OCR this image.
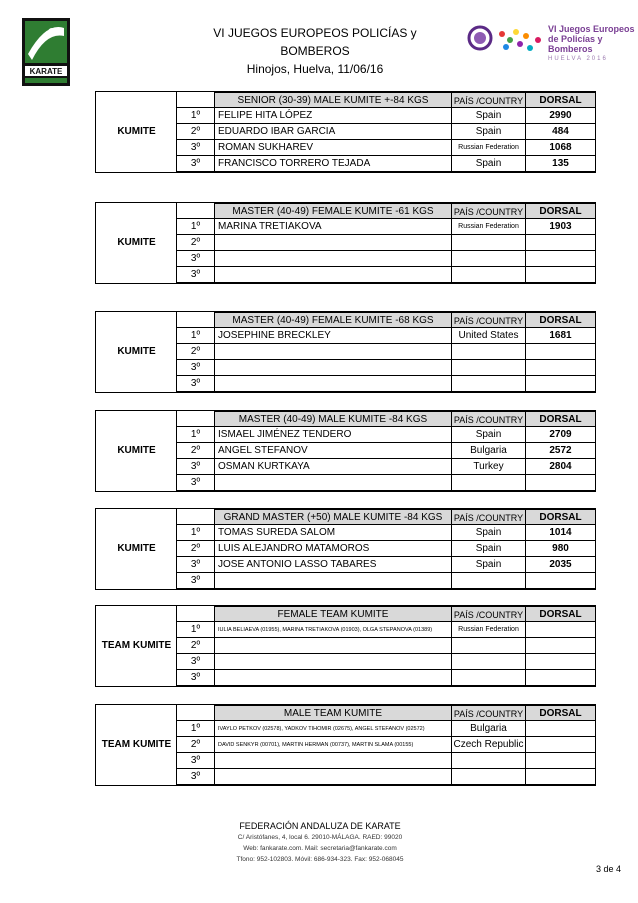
KARATE
VI JUEGOS EUROPEOS POLICÍAS y BOMBEROS
Hinojos, Huelva, 11/06/16
VI Juegos Europeos
de Policías y Bomberos
HUELVA 2016
SENIOR (30-39) MALE KUMITE +-84 KGS	PAÍS /COUNTRY	DORSAL
1º	FELIPE HITA LÓPEZ	Spain	2990
2º	EDUARDO IBAR GARCIA	Spain	484
3º	ROMAN SUKHAREV	Russian Federation	1068
3º	FRANCISCO TORRERO TEJADA	Spain	135
KUMITE
MASTER (40-49) FEMALE KUMITE -61 KGS	PAÍS /COUNTRY	DORSAL
1º	MARINA TRETIAKOVA	Russian Federation	1903
2º
3º
3º
KUMITE
MASTER (40-49) FEMALE KUMITE -68 KGS	PAÍS /COUNTRY	DORSAL
1º	JOSEPHINE BRECKLEY	United States	1681
2º
3º
3º
KUMITE
MASTER (40-49) MALE KUMITE -84 KGS	PAÍS /COUNTRY	DORSAL
1º	ISMAEL JIMÉNEZ TENDERO	Spain	2709
2º	ANGEL STEFANOV	Bulgaria	2572
3º	OSMAN KURTKAYA	Turkey	2804
3º
KUMITE
GRAND MASTER (+50) MALE KUMITE -84 KGS	PAÍS /COUNTRY	DORSAL
1º	TOMAS SUREDA SALOM	Spain	1014
2º	LUIS ALEJANDRO MATAMOROS	Spain	980
3º	JOSE ANTONIO LASSO TABARES	Spain	2035
3º
KUMITE
FEMALE TEAM KUMITE	PAÍS /COUNTRY	DORSAL
1º	IULIA BELIAEVA (01955), MARINA TRETIAKOVA (01903), OLGA STEPANOVA (01389)	Russian Federation
2º
3º
3º
TEAM KUMITE
MALE TEAM KUMITE	PAÍS /COUNTRY	DORSAL
1º	IVAYLO PETKOV (02578), YADKOV TIHOMIR (02675), ANGEL STEFANOV (02572)	Bulgaria
2º	DAVID SENKYR (00701), MARTIN HERMAN (00737), MARTIN SLAMA (00155)	Czech Republic
3º
3º
TEAM KUMITE
FEDERACIÓN ANDALUZA DE KARATE
C/ Aristófanes, 4, local 6. 29010-MÁLAGA. RAED: 99020
Web: fankarate.com. Mail: secretaria@fankarate.com
Tfono: 952-102803. Móvil: 686-934-323. Fax: 952-068045
3 de 4
